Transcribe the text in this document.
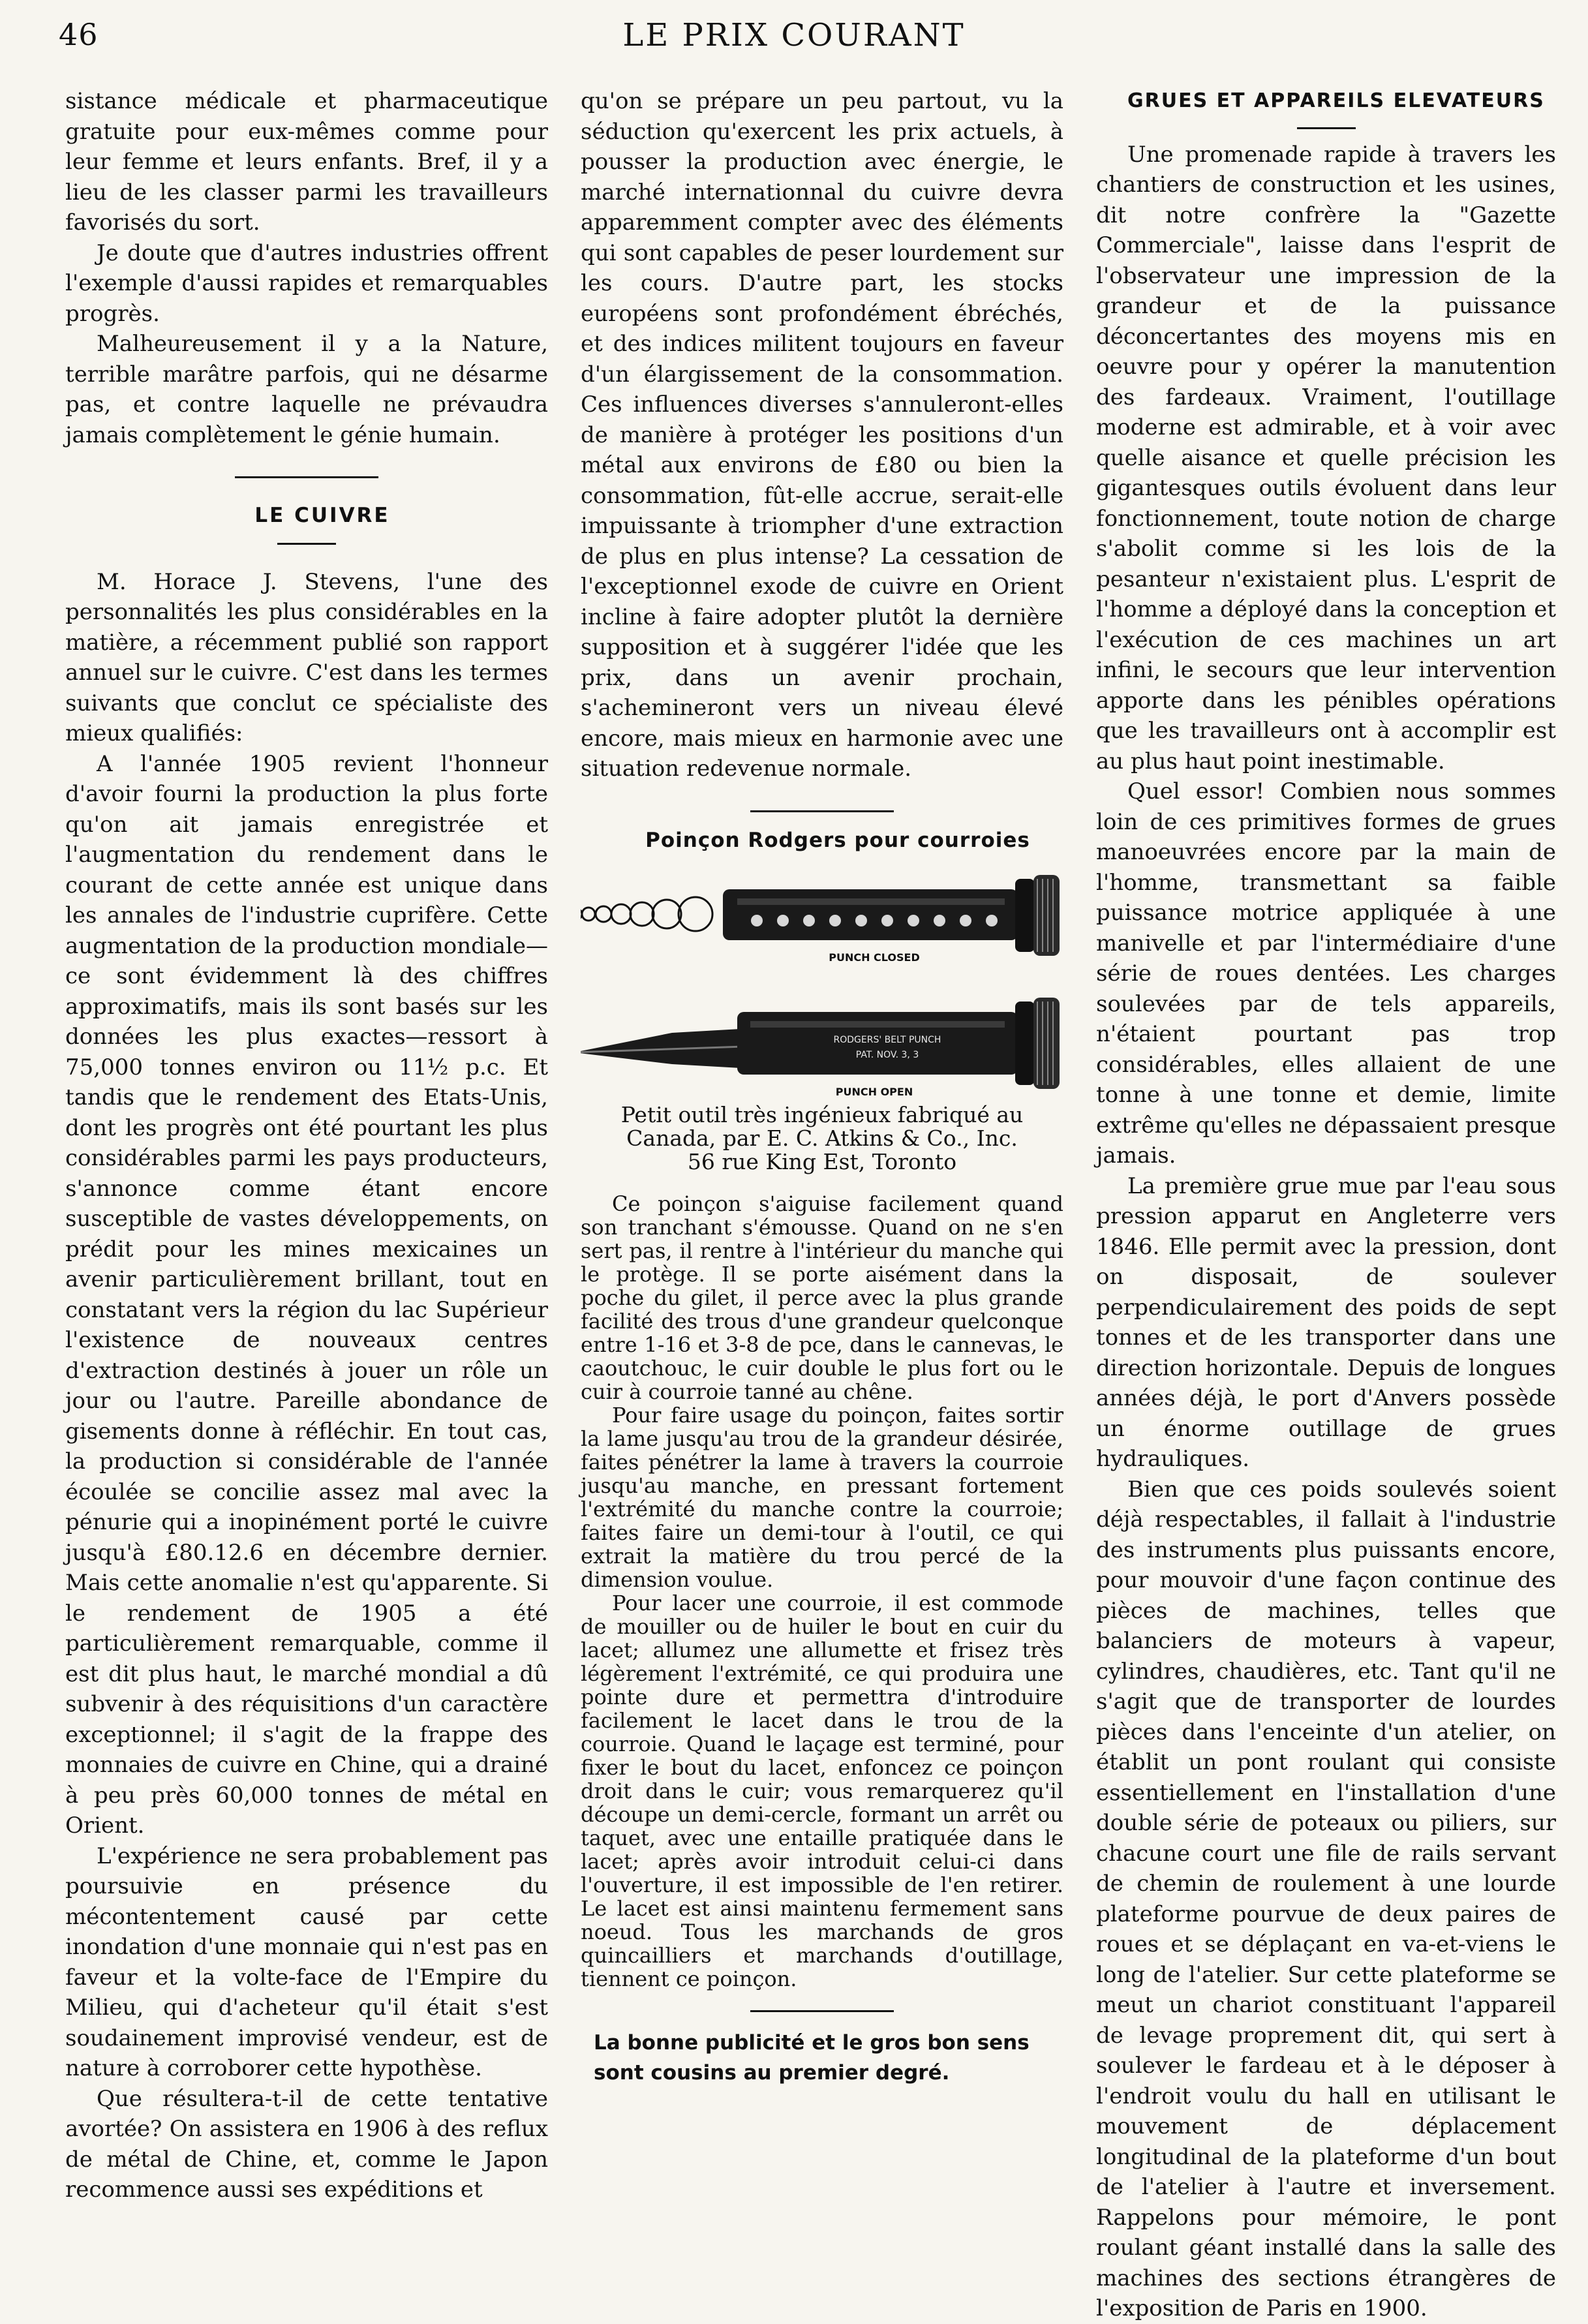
46	LE PRIX COURANT

sistance médicale et pharmaceutique gratuite pour eux-mêmes comme pour leur femme et leurs enfants. Bref, il y a lieu de les classer parmi les travailleurs favorisés du sort.

Je doute que d'autres industries offrent l'exemple d'aussi rapides et remarquables progrès.

Malheureusement il y a la Nature, terrible marâtre parfois, qui ne désarme pas, et contre laquelle ne prévaudra jamais complètement le génie humain.

LE CUIVRE

M. Horace J. Stevens, l'une des personnalités les plus considérables en la matière, a récemment publié son rapport annuel sur le cuivre. C'est dans les termes suivants que conclut ce spécialiste des mieux qualifiés:

A l'année 1905 revient l'honneur d'avoir fourni la production la plus forte qu'on ait jamais enregistrée et l'augmentation du rendement dans le courant de cette année est unique dans les annales de l'industrie cuprifère. Cette augmentation de la production mondiale—ce sont évidemment là des chiffres approximatifs, mais ils sont basés sur les données les plus exactes—ressort à 75,000 tonnes environ ou 11½ p.c. Et tandis que le rendement des Etats-Unis, dont les progrès ont été pourtant les plus considérables parmi les pays producteurs, s'annonce comme étant encore susceptible de vastes développements, on prédit pour les mines mexicaines un avenir particulièrement brillant, tout en constatant vers la région du lac Supérieur l'existence de nouveaux centres d'extraction destinés à jouer un rôle un jour ou l'autre. Pareille abondance de gisements donne à réfléchir. En tout cas, la production si considérable de l'année écoulée se concilie assez mal avec la pénurie qui a inopinément porté le cuivre jusqu'à £80.12.6 en décembre dernier. Mais cette anomalie n'est qu'apparente. Si le rendement de 1905 a été particulièrement remarquable, comme il est dit plus haut, le marché mondial a dû subvenir à des réquisitions d'un caractère exceptionnel; il s'agit de la frappe des monnaies de cuivre en Chine, qui a drainé à peu près 60,000 tonnes de métal en Orient.

L'expérience ne sera probablement pas poursuivie en présence du mécontentement causé par cette inondation d'une monnaie qui n'est pas en faveur et la volte-face de l'Empire du Milieu, qui d'acheteur qu'il était s'est soudainement improvisé vendeur, est de nature à corroborer cette hypothèse.

Que résultera-t-il de cette tentative avortée? On assistera en 1906 à des reflux de métal de Chine, et, comme le Japon recommence aussi ses expéditions et

qu'on se prépare un peu partout, vu la séduction qu'exercent les prix actuels, à pousser la production avec énergie, le marché internationnal du cuivre devra apparemment compter avec des éléments qui sont capables de peser lourdement sur les cours. D'autre part, les stocks européens sont profondément ébréchés, et des indices militent toujours en faveur d'un élargissement de la consommation. Ces influences diverses s'annuleront-elles de manière à protéger les positions d'un métal aux environs de £80 ou bien la consommation, fût-elle accrue, serait-elle impuissante à triompher d'une extraction de plus en plus intense? La cessation de l'exceptionnel exode de cuivre en Orient incline à faire adopter plutôt la dernière supposition et à suggérer l'idée que les prix, dans un avenir prochain, s'achemineront vers un niveau élevé encore, mais mieux en harmonie avec une situation redevenue normale.

Poinçon Rodgers pour courroies

PUNCH CLOSED
RODGERS' BELT PUNCH
PAT. NOV. 3, 3
PUNCH OPEN

Petit outil très ingénieux fabriqué au

Canada, par E. C. Atkins & Co., Inc.

56 rue King Est, Toronto

Ce poinçon s'aiguise facilement quand son tranchant s'émousse. Quand on ne s'en sert pas, il rentre à l'intérieur du manche qui le protège. Il se porte aisément dans la poche du gilet, il perce avec la plus grande facilité des trous d'une grandeur quelconque entre 1-16 et 3-8 de pce, dans le cannevas, le caoutchouc, le cuir double le plus fort ou le cuir à courroie tanné au chêne.

Pour faire usage du poinçon, faites sortir la lame jusqu'au trou de la grandeur désirée, faites pénétrer la lame à travers la courroie jusqu'au manche, en pressant fortement l'extrémité du manche contre la courroie; faites faire un demi-tour à l'outil, ce qui extrait la matière du trou percé de la dimension voulue.

Pour lacer une courroie, il est commode de mouiller ou de huiler le bout en cuir du lacet; allumez une allumette et frisez très légèrement l'extrémité, ce qui produira une pointe dure et permettra d'introduire facilement le lacet dans le trou de la courroie. Quand le laçage est terminé, pour fixer le bout du lacet, enfoncez ce poinçon droit dans le cuir; vous remarquerez qu'il découpe un demi-cercle, formant un arrêt ou taquet, avec une entaille pratiquée dans le lacet; après avoir introduit celui-ci dans l'ouverture, il est impossible de l'en retirer. Le lacet est ainsi maintenu fermement sans noeud. Tous les marchands de gros quincailliers et marchands d'outillage, tiennent ce poinçon.

La bonne publicité et le gros bon sens sont cousins au premier degré.

GRUES ET APPAREILS ELEVATEURS

Une promenade rapide à travers les chantiers de construction et les usines, dit notre confrère la "Gazette Commerciale", laisse dans l'esprit de l'observateur une impression de la grandeur et de la puissance déconcertantes des moyens mis en oeuvre pour y opérer la manutention des fardeaux. Vraiment, l'outillage moderne est admirable, et à voir avec quelle aisance et quelle précision les gigantesques outils évoluent dans leur fonctionnement, toute notion de charge s'abolit comme si les lois de la pesanteur n'existaient plus. L'esprit de l'homme a déployé dans la conception et l'exécution de ces machines un art infini, le secours que leur intervention apporte dans les pénibles opérations que les travailleurs ont à accomplir est au plus haut point inestimable.

Quel essor! Combien nous sommes loin de ces primitives formes de grues manoeuvrées encore par la main de l'homme, transmettant sa faible puissance motrice appliquée à une manivelle et par l'intermédiaire d'une série de roues dentées. Les charges soulevées par de tels appareils, n'étaient pourtant pas trop considérables, elles allaient de une tonne à une tonne et demie, limite extrême qu'elles ne dépassaient presque jamais.

La première grue mue par l'eau sous pression apparut en Angleterre vers 1846. Elle permit avec la pression, dont on disposait, de soulever perpendiculairement des poids de sept tonnes et de les transporter dans une direction horizontale. Depuis de longues années déjà, le port d'Anvers possède un énorme outillage de grues hydrauliques.

Bien que ces poids soulevés soient déjà respectables, il fallait à l'industrie des instruments plus puissants encore, pour mouvoir d'une façon continue des pièces de machines, telles que balanciers de moteurs à vapeur, cylindres, chaudières, etc. Tant qu'il ne s'agit que de transporter de lourdes pièces dans l'enceinte d'un atelier, on établit un pont roulant qui consiste essentiellement en l'installation d'une double série de poteaux ou piliers, sur chacune court une file de rails servant de chemin de roulement à une lourde plateforme pourvue de deux paires de roues et se déplaçant en va-et-viens le long de l'atelier. Sur cette plateforme se meut un chariot constituant l'appareil de levage proprement dit, qui sert à soulever le fardeau et à le déposer à l'endroit voulu du hall en utilisant le mouvement de déplacement longitudinal de la plateforme d'un bout de l'atelier à l'autre et inversement. Rappelons pour mémoire, le pont roulant géant installé dans la salle des machines des sections étrangères de l'exposition de Paris en 1900.
